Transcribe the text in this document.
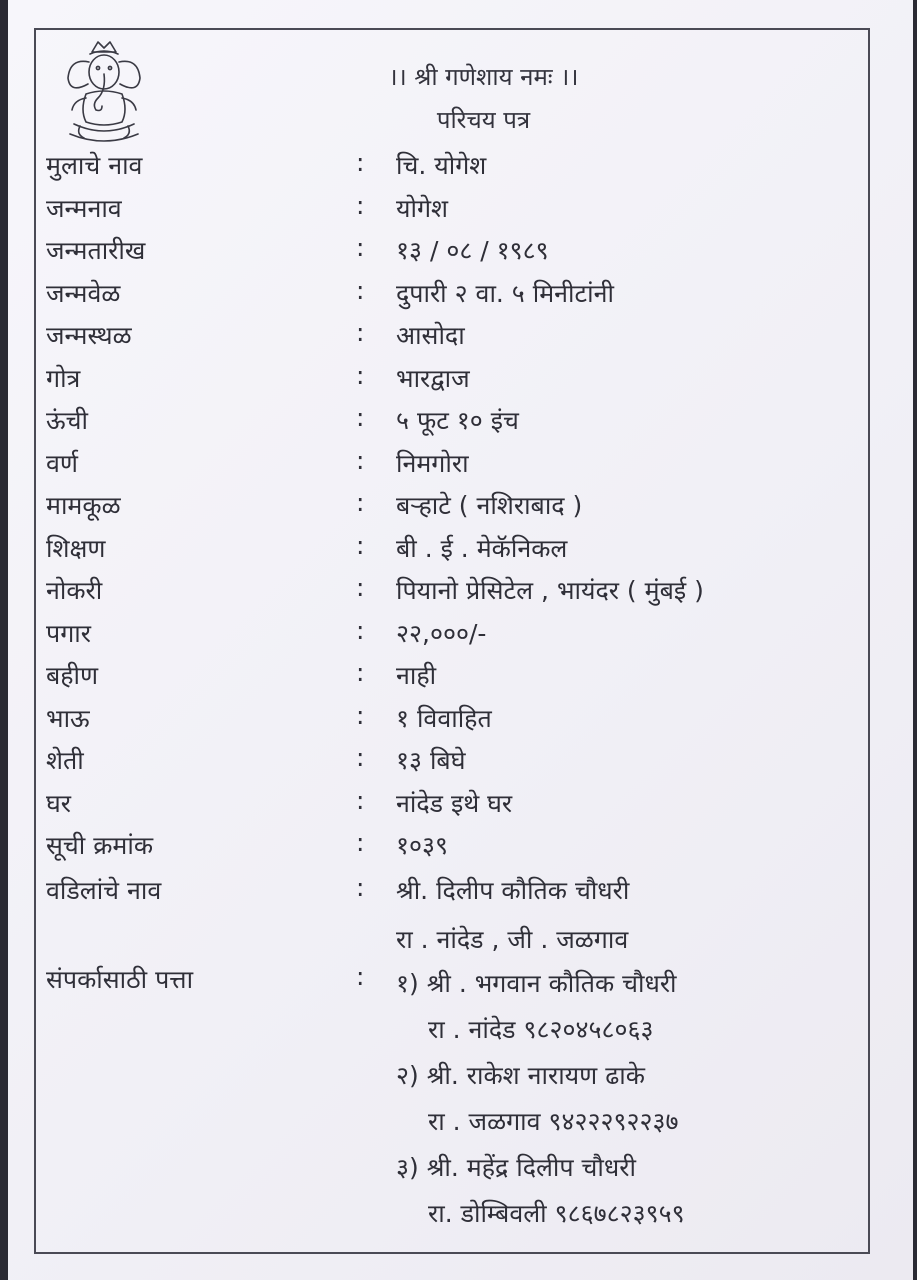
।। श्री गणेशाय नमः ।।
परिचय पत्र
मुलाचे नाव	: चि. योगेश
जन्मनाव	: योगेश
जन्मतारीख	: १३ / ०८ / १९८९
जन्मवेळ	: दुपारी २ वा. ५ मिनीटांनी
जन्मस्थळ	: आसोदा
गोत्र	: भारद्वाज
ऊंची	: ५ फूट १० इंच
वर्ण	: निमगोरा
मामकूळ	: बऱ्हाटे ( नशिराबाद )
शिक्षण	: बी . ई . मेकॅनिकल
नोकरी	: पियानो प्रेसिटेल , भायंदर ( मुंबई )
पगार	: २२,०००/-
बहीण	: नाही
भाऊ	: १ विवाहित
शेती	: १३ बिघे
घर	: नांदेड इथे घर
सूची क्रमांक	: १०३९
वडिलांचे नाव	: श्री. दिलीप कौतिक चौधरी
रा . नांदेड , जी . जळगाव
संपर्कासाठी पत्ता	: १) श्री . भगवान कौतिक चौधरी
रा . नांदेड ९८२०४५८०६३
२) श्री. राकेश नारायण ढाके
रा . जळगाव ९४२२२९२२३७
३) श्री. महेंद्र दिलीप चौधरी
रा. डोम्बिवली ९८६७८२३९५९
